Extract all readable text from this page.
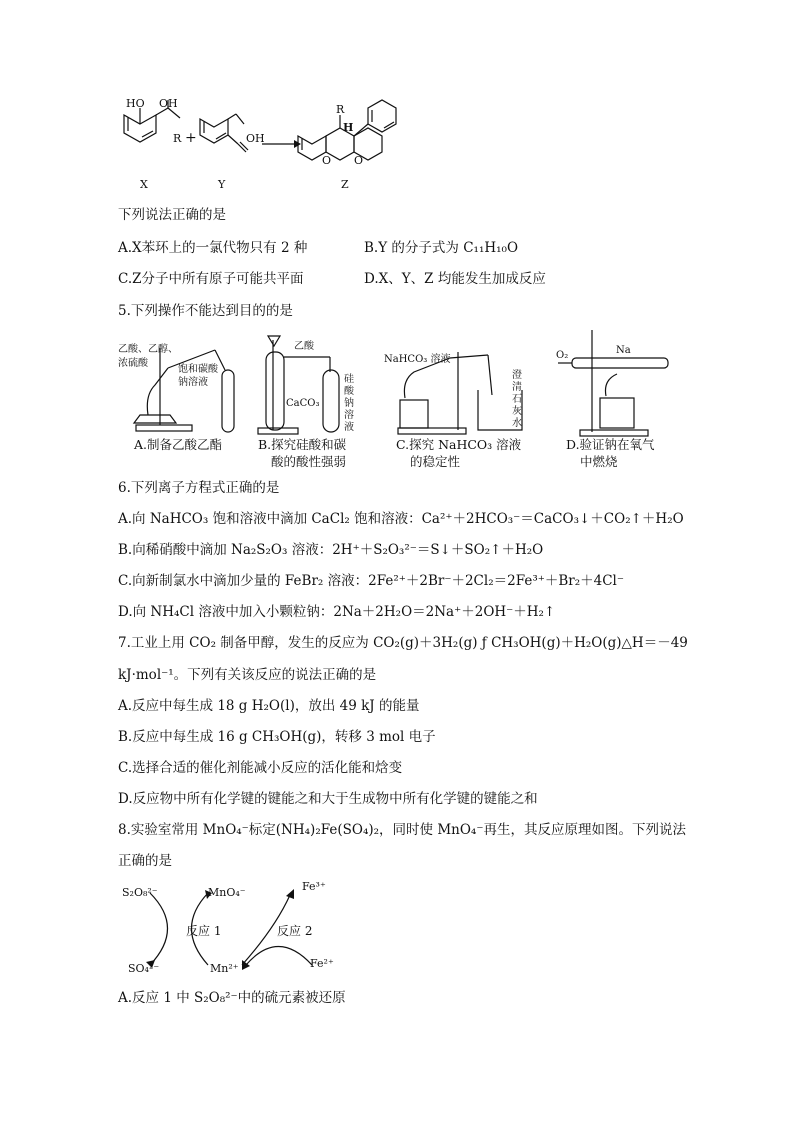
HO OH
R +	OH
R
H
O O
X	Y	Z
下列说法正确的是
A.X苯环上的一氯代物只有 2 种	B.Y 的分子式为 C₁₁H₁₀O
C.Z分子中所有原子可能共平面	D.X、Y、Z 均能发生加成反应
5.下列操作不能达到目的的是
乙酸、乙醇、
浓硫酸
饱和碳酸
钠溶液
乙酸
CaCO₃
硅
酸
钠
溶
液
NaHCO₃ 溶液
澄
清
石
灰
水
O₂	Na
A.制备乙酸乙酯	B.探究硅酸和碳
酸的酸性强弱
C.探究 NaHCO₃ 溶液
的稳定性
D.验证钠在氧气
中燃烧
6.下列离子方程式正确的是
A.向 NaHCO₃ 饱和溶液中滴加 CaCl₂ 饱和溶液：Ca²⁺＋2HCO₃⁻＝CaCO₃↓＋CO₂↑＋H₂O
B.向稀硝酸中滴加 Na₂S₂O₃ 溶液：2H⁺＋S₂O₃²⁻＝S↓＋SO₂↑＋H₂O
C.向新制氯水中滴加少量的 FeBr₂ 溶液：2Fe²⁺＋2Br⁻＋2Cl₂＝2Fe³⁺＋Br₂＋4Cl⁻
D.向 NH₄Cl 溶液中加入小颗粒钠：2Na＋2H₂O＝2Na⁺＋2OH⁻＋H₂↑
7.工业上用 CO₂ 制备甲醇，发生的反应为 CO₂(g)＋3H₂(g) ƒ CH₃OH(g)＋H₂O(g)△H＝－49
kJ·mol⁻¹。下列有关该反应的说法正确的是
A.反应中每生成 18 g H₂O(l)，放出 49 kJ 的能量
B.反应中每生成 16 g CH₃OH(g)，转移 3 mol 电子
C.选择合适的催化剂能减小反应的活化能和焓变
D.反应物中所有化学键的键能之和大于生成物中所有化学键的键能之和
8.实验室常用 MnO₄⁻标定(NH₄)₂Fe(SO₄)₂，同时使 MnO₄⁻再生，其反应原理如图。下列说法
正确的是
S₂O₈²⁻	MnO₄⁻	Fe³⁺
反应 1	反应 2
SO₄²⁻	Mn²⁺	Fe²⁺
A.反应 1 中 S₂O₈²⁻中的硫元素被还原
